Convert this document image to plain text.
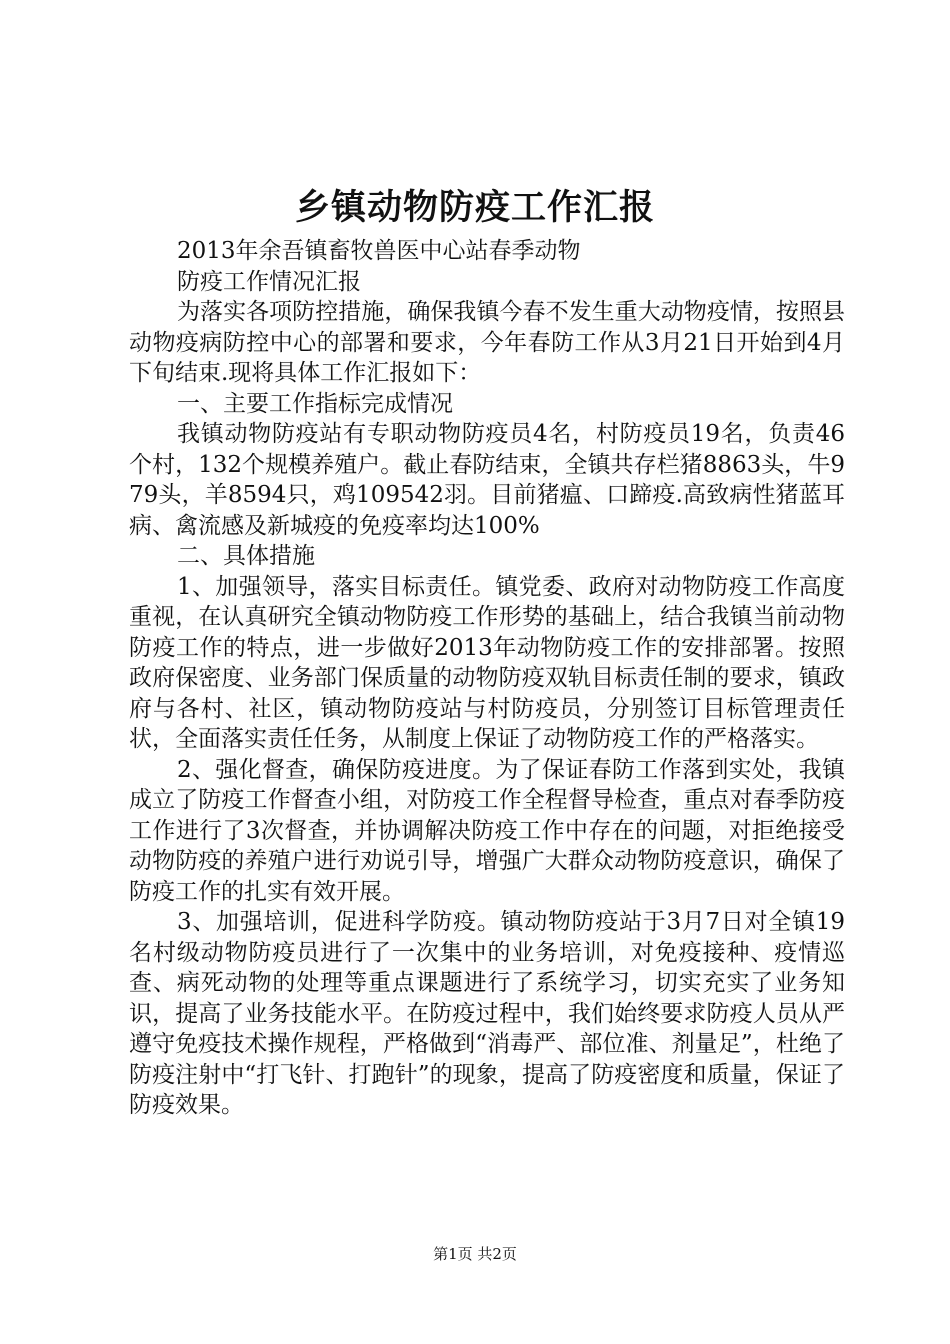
乡镇动物防疫工作汇报

2013年余吾镇畜牧兽医中心站春季动物

防疫工作情况汇报

为落实各项防控措施，确保我镇今春不发生重大动物疫情，按照县动物疫病防控中心的部署和要求，今年春防工作从3月21日开始到4月下旬结束.现将具体工作汇报如下：

一、主要工作指标完成情况

我镇动物防疫站有专职动物防疫员4名，村防疫员19名，负责46个村，132个规模养殖户。截止春防结束，全镇共存栏猪8863头，牛979头，羊8594只，鸡109542羽。目前猪瘟、口蹄疫.高致病性猪蓝耳病、禽流感及新城疫的免疫率均达100%

二、具体措施

1、加强领导，落实目标责任。镇党委、政府对动物防疫工作高度重视，在认真研究全镇动物防疫工作形势的基础上，结合我镇当前动物防疫工作的特点，进一步做好2013年动物防疫工作的安排部署。按照政府保密度、业务部门保质量的动物防疫双轨目标责任制的要求，镇政府与各村、社区，镇动物防疫站与村防疫员，分别签订目标管理责任状，全面落实责任任务，从制度上保证了动物防疫工作的严格落实。

2、强化督查，确保防疫进度。为了保证春防工作落到实处，我镇成立了防疫工作督查小组，对防疫工作全程督导检查，重点对春季防疫工作进行了3次督查，并协调解决防疫工作中存在的问题，对拒绝接受动物防疫的养殖户进行劝说引导，增强广大群众动物防疫意识，确保了防疫工作的扎实有效开展。

3、加强培训，促进科学防疫。镇动物防疫站于3月7日对全镇19名村级动物防疫员进行了一次集中的业务培训，对免疫接种、疫情巡查、病死动物的处理等重点课题进行了系统学习，切实充实了业务知识，提高了业务技能水平。在防疫过程中，我们始终要求防疫人员从严遵守免疫技术操作规程，严格做到“消毒严、部位准、剂量足”，杜绝了防疫注射中“打飞针、打跑针”的现象，提高了防疫密度和质量，保证了防疫效果。

第1页 共2页
